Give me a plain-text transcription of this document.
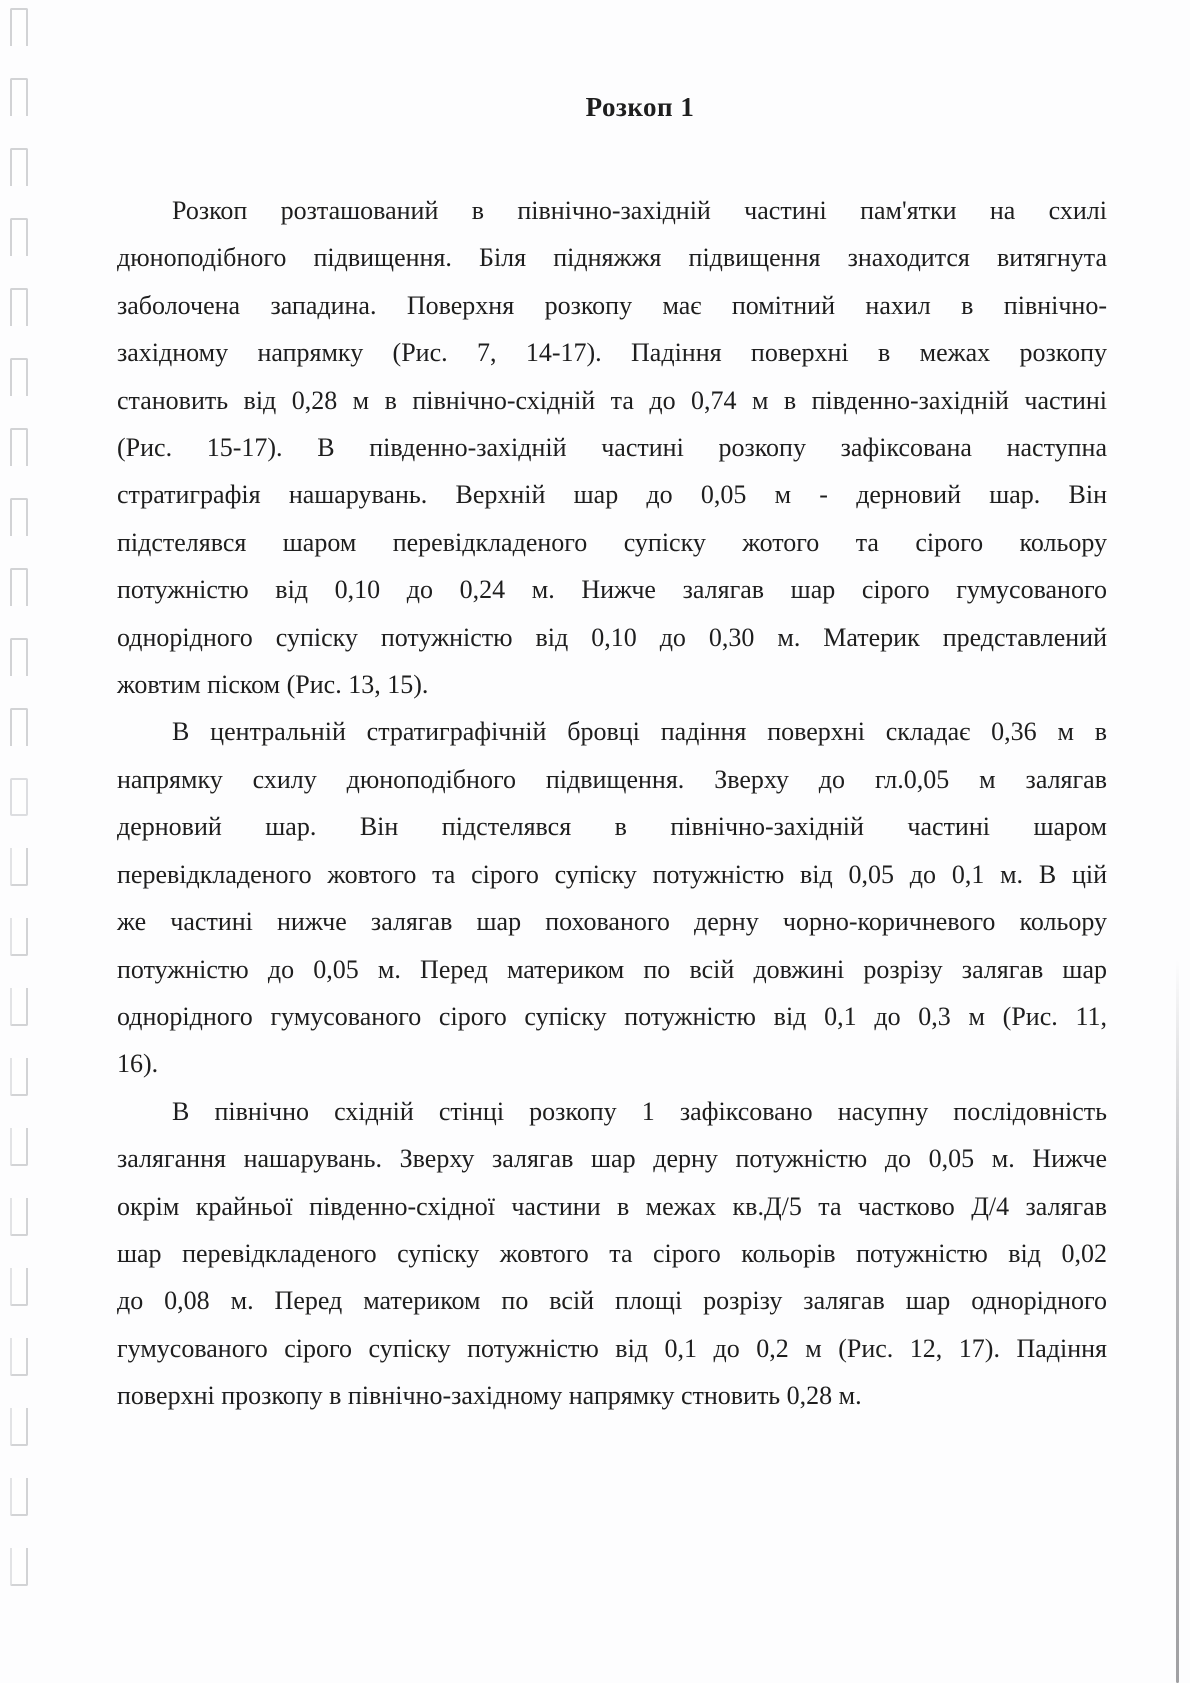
Розкоп 1
Розкоп розташований в північно-західній частині пам'ятки на схилі
дюноподібного підвищення. Біля підняжжя підвищення знаходится витягнута
заболочена западина. Поверхня розкопу має помітний нахил в північно-
західному напрямку (Рис. 7, 14-17). Падіння поверхні в межах розкопу
становить від 0,28 м в північно-східній та до 0,74 м в південно-західній частині
(Рис. 15-17). В південно-західній частині розкопу зафіксована наступна
стратиграфія нашарувань. Верхній шар до 0,05 м - дерновий шар. Він
підстелявся шаром перевідкладеного супіску жотого та сірого кольору
потужністю від 0,10 до 0,24 м. Нижче залягав шар сірого гумусованого
однорідного супіску потужністю від 0,10 до 0,30 м. Материк представлений
жовтим піском (Рис. 13, 15).
В центральній стратиграфічній бровці падіння поверхні складає 0,36 м в
напрямку схилу дюноподібного підвищення. Зверху до гл.0,05 м залягав
дерновий шар. Він підстелявся в північно-західній частині шаром
перевідкладеного жовтого та сірого супіску потужністю від 0,05 до 0,1 м. В цій
же частині нижче залягав шар похованого дерну чорно-коричневого кольору
потужністю до 0,05 м. Перед материком по всій довжині розрізу залягав шар
однорідного гумусованого сірого супіску потужністю від 0,1 до 0,3 м (Рис. 11,
16).
В північно східній стінці розкопу 1 зафіксовано насупну послідовність
залягання нашарувань. Зверху залягав шар дерну потужністю до 0,05 м. Нижче
окрім крайньої південно-східної частини в межах кв.Д/5 та частково Д/4 залягав
шар перевідкладеного супіску жовтого та сірого кольорів потужністю від 0,02
до 0,08 м. Перед материком по всій площі розрізу залягав шар однорідного
гумусованого сірого супіску потужністю від 0,1 до 0,2 м (Рис. 12, 17). Падіння
поверхні прозкопу в північно-західному напрямку стновить 0,28 м.
